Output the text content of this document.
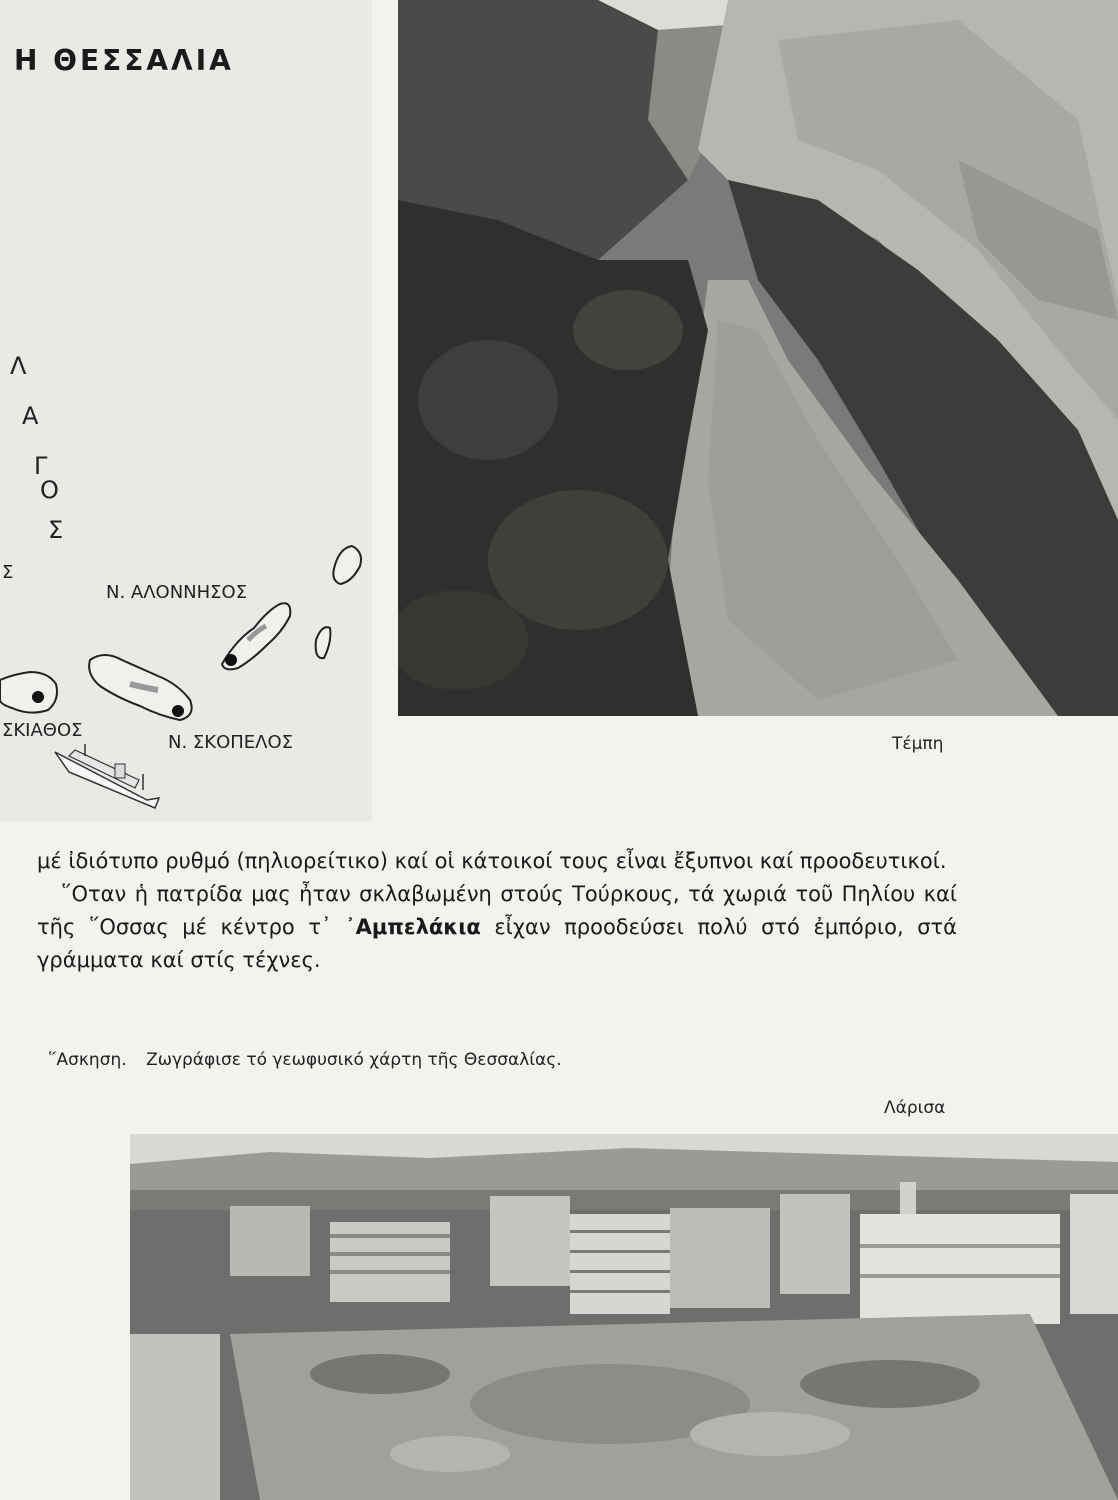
Η ΘΕΣΣΑΛΙΑ
Λ
Α
Γ
Ο
Σ
Σ
Ν. ΑΛΟΝΝΗΣΟΣ
ΣΚΙΑΘΟΣ
Ν. ΣΚΟΠΕΛΟΣ	Τέμπη

μέ ἰδιότυπο ρυθμό (πηλιορείτικο) καί οἱ κάτοικοί τους εἶναι ἔξυπνοι καί προοδευτικοί.

῞Οταν ἡ πατρίδα μας ἦταν σκλαβωμένη στούς Τούρκους, τά χωριά τοῦ Πηλίου καί τῆς ῞Οσσας μέ κέντρο τ᾽ ᾽Αμπελάκια εἶχαν προοδεύσει πολύ στό ἐμπόριο, στά γράμματα καί στίς τέχνες.

῞Ασκηση. Ζωγράφισε τό γεωφυσικό χάρτη τῆς Θεσσαλίας.
Λάρισα
